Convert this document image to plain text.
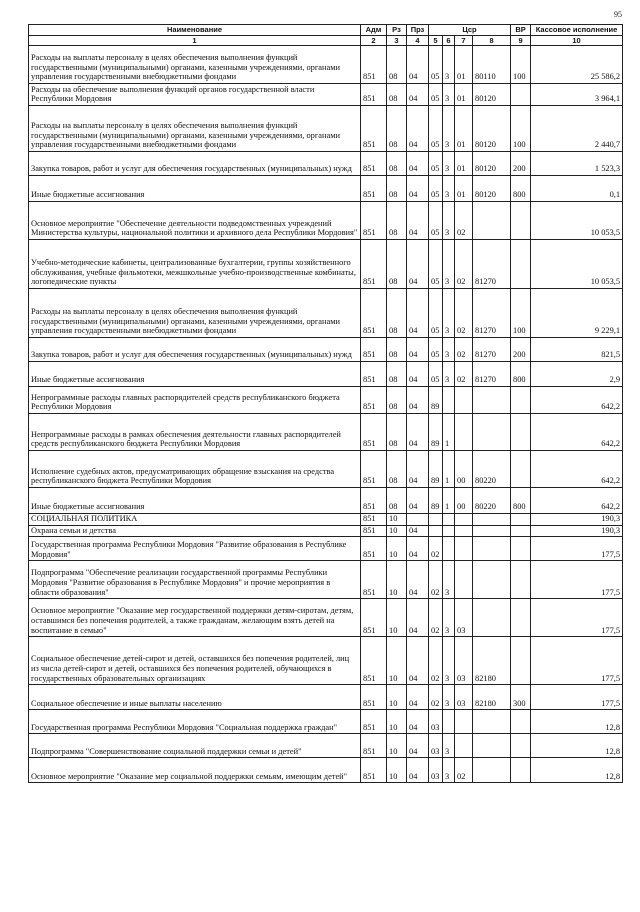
95
Наименование	Адм	Рз	Прз	Цср				ВР	Кассовое исполнение
1	2	3	4	5	6	7	8	9	10
Расходы на выплаты персоналу в целях обеспечения выполнения функций государственными (муниципальными) органами, казенными учреждениями, органами управления государственными внебюджетными фондами	851	08	04	05	3	01	80110	100	25 586,2
Расходы на обеспечение выполнения функций органов государственной власти Республики Мордовия	851	08	04	05	3	01	80120		3 964,1
Расходы на выплаты персоналу в целях обеспечения выполнения функций государственными (муниципальными) органами, казенными учреждениями, органами управления государственными внебюджетными фондами	851	08	04	05	3	01	80120	100	2 440,7
Закупка товаров, работ и услуг для обеспечения государственных (муниципальных) нужд	851	08	04	05	3	01	80120	200	1 523,3
Иные бюджетные ассигнования	851	08	04	05	3	01	80120	800	0,1
Основное мероприятие "Обеспечение деятельности подведомственных учреждений Министерства культуры, национальной политики и архивного дела Республики Мордовия"	851	08	04	05	3	02			10 053,5
Учебно-методические кабинеты, централизованные бухгалтерии, группы хозяйственного обслуживания, учебные фильмотеки, межшкольные учебно-производственные комбинаты, логопедические пункты	851	08	04	05	3	02	81270		10 053,5
Расходы на выплаты персоналу в целях обеспечения выполнения функций государственными (муниципальными) органами, казенными учреждениями, органами управления государственными внебюджетными фондами	851	08	04	05	3	02	81270	100	9 229,1
Закупка товаров, работ и услуг для обеспечения государственных (муниципальных) нужд	851	08	04	05	3	02	81270	200	821,5
Иные бюджетные ассигнования	851	08	04	05	3	02	81270	800	2,9
Непрограммные расходы главных распорядителей средств республиканского бюджета Республики Мордовия	851	08	04	89					642,2
Непрограммные расходы в рамках обеспечения деятельности главных распорядителей средств республиканского бюджета Республики Мордовия	851	08	04	89	1				642,2
Исполнение судебных актов, предусматривающих обращение взыскания на средства республиканского бюджета Республики Мордовия	851	08	04	89	1	00	80220		642,2
Иные бюджетные ассигнования	851	08	04	89	1	00	80220	800	642,2
СОЦИАЛЬНАЯ ПОЛИТИКА	851	10							190,3
Охрана семьи и детства	851	10	04						190,3
Государственная программа Республики Мордовия "Развитие образования в Республике Мордовия"	851	10	04	02					177,5
Подпрограмма "Обеспечение реализации государственной программы Республики Мордовия "Развитие образования в Республике Мордовия" и прочие мероприятия в области образования"	851	10	04	02	3				177,5
Основное мероприятие "Оказание мер государственной поддержки детям-сиротам, детям, оставшимся без попечения родителей, а также гражданам, желающим взять детей на воспитание в семью"	851	10	04	02	3	03			177,5
Социальное обеспечение детей-сирот и детей, оставшихся без попечения родителей, лиц из числа детей-сирот и детей, оставшихся без попечения родителей, обучающихся в государственных образовательных организациях	851	10	04	02	3	03	82180		177,5
Социальное обеспечение и иные выплаты населению	851	10	04	02	3	03	82180	300	177,5
Государственная программа Республики Мордовия "Социальная поддержка граждан"	851	10	04	03					12,8
Подпрограмма "Совершенствование социальной поддержки семьи и детей"	851	10	04	03	3				12,8
Основное мероприятие "Оказание мер социальной поддержки семьям, имеющим детей"	851	10	04	03	3	02			12,8
